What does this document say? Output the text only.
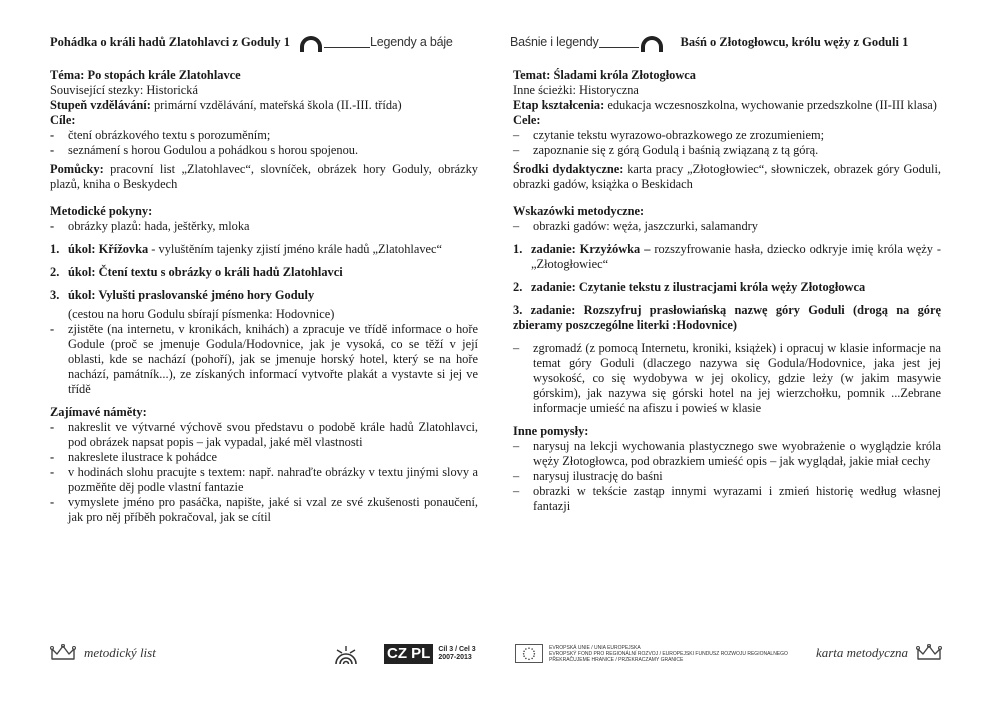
Pohádka o králi hadů Zlatohlavci z Goduly 1	Legendy a báje	Baśnie i legendy	Baśń o Złotogłowcu, królu węży z Goduli 1
Téma: Po stopách krále Zlatohlavce
Související stezky: Historická
Stupeň vzdělávání: primární vzdělávání, mateřská škola (II.-III. třída)
Cíle:
-	čtení obrázkového textu s porozuměním;
-	seznámení s horou Godulou a pohádkou s horou spojenou.
Pomůcky: pracovní list „Zlatohlavec“, slovníček, obrázek hory Goduly, obrázky plazů, kniha o Beskydech
Metodické pokyny:
-	obrázky plazů: hada, ještěrky, mloka
1. úkol: Křížovka - vyluštěním tajenky zjistí jméno krále hadů „Zlatohlavec“
2. úkol: Čtení textu s obrázky o králi hadů Zlatohlavci
3. úkol: Vylušti praslovanské jméno hory Goduly
(cestou na horu Godulu sbírají písmenka: Hodovnice)
-	zjistěte (na internetu, v kronikách, knihách) a zpracuje ve třídě informace o hoře Godule (proč se jmenuje Godula/Hodovnice, jak je vysoká, co se těží v její oblasti, kde se nachází (pohoří), jak se jmenuje horský hotel, který se na hoře nachází, památník...), ze získaných informací vytvořte plakát a vystavte si jej ve třídě
Zajímavé náměty:
-	nakreslit ve výtvarné výchově svou představu o podobě krále hadů Zlatohlavci, pod obrázek napsat popis – jak vypadal, jaké měl vlastnosti
-	nakreslete ilustrace k pohádce
-	v hodinách slohu pracujte s textem: např. nahraďte obrázky v textu jinými slovy a pozměňte děj podle vlastní fantazie
-	vymyslete jméno pro pasáčka, napište, jaké si vzal ze své zkušenosti ponaučení, jak pro něj příběh pokračoval, jak se cítil
Temat: Śladami króla Złotogłowca
Inne ścieżki: Historyczna
Etap kształcenia: edukacja wczesnoszkolna, wychowanie przedszkolne (II-III klasa)
Cele:
–	czytanie tekstu wyrazowo-obrazkowego ze zrozumieniem;
–	zapoznanie się z górą Godulą i baśnią związaną z tą górą.
Środki dydaktyczne: karta pracy „Złotogłowiec“, słowniczek, obrazek góry Goduli, obrazki gadów, książka o Beskidach
Wskazówki metodyczne:
–	obrazki gadów: węża, jaszczurki, salamandry
1. zadanie: Krzyżówka – rozszyfrowanie hasła, dziecko odkryje imię króla węży - „Złotogłowiec“
2. zadanie: Czytanie tekstu z ilustracjami króla węży Złotogłowca
3. zadanie: Rozszyfruj prasłowiańską nazwę góry Goduli (drogą na górę zbieramy poszczególne literki :Hodovnice)
–	zgromadź (z pomocą Internetu, kroniki, książek) i opracuj w klasie informacje na temat góry Goduli (dlaczego nazywa się Godula/Hodovnice, jaka jest jej wysokość, co się wydobywa w jej okolicy, gdzie leży (w jakim masywie górskim), jak nazywa się górski hotel na jej wierzchołku, pomnik ...Zebrane informacje umieść na afiszu i powieś w klasie
Inne pomysły:
–	narysuj na lekcji wychowania plastycznego swe wyobrażenie o wyglądzie króla węży Złotogłowca, pod obrazkiem umieść opis – jak wyglądał, jakie miał cechy
–	narysuj ilustrację do baśni
–	obrazki w tekście zastąp innymi wyrazami i zmień historię według własnej fantazji
metodický list	CZ PL	Cíl 3 / Cel 3
2007-2013
EVROPSKÁ UNIE / UNIA EUROPEJSKA
EVROPSKÝ FOND PRO REGIONÁLNÍ ROZVOJ / EUROPEJSKI FUNDUSZ ROZWOJU REGIONALNEGO
PŘEKRAČUJEME HRANICE / PRZEKRACZAMY GRANICE	karta metodyczna
